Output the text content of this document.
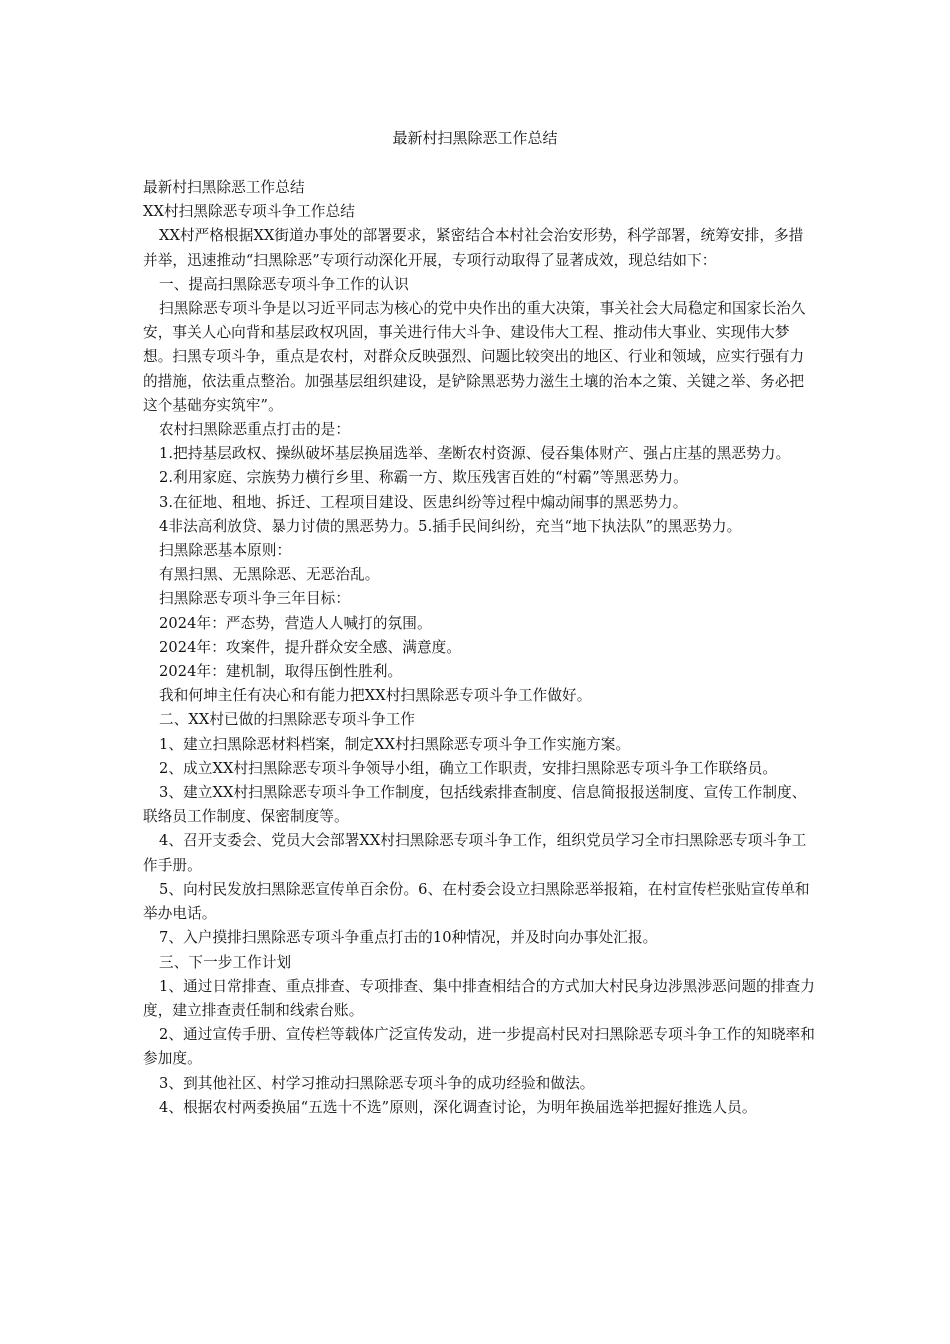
最新村扫黑除恶工作总结

最新村扫黑除恶工作总结

XX村扫黑除恶专项斗争工作总结

XX村严格根据XX街道办事处的部署要求，紧密结合本村社会治安形势，科学部署，统筹安排，多措并举，迅速推动“扫黑除恶”专项行动深化开展，专项行动取得了显著成效，现总结如下：

一、提高扫黑除恶专项斗争工作的认识

扫黑除恶专项斗争是以习近平同志为核心的党中央作出的重大决策，事关社会大局稳定和国家长治久安，事关人心向背和基层政权巩固，事关进行伟大斗争、建设伟大工程、推动伟大事业、实现伟大梦想。扫黑专项斗争，重点是农村，对群众反映强烈、问题比较突出的地区、行业和领域，应实行强有力的措施，依法重点整治。加强基层组织建设，是铲除黑恶势力滋生土壤的治本之策、关键之举、务必把这个基础夯实筑牢”。

农村扫黑除恶重点打击的是：

1.把持基层政权、操纵破坏基层换届选举、垄断农村资源、侵吞集体财产、强占庄基的黑恶势力。

2.利用家庭、宗族势力横行乡里、称霸一方、欺压残害百姓的“村霸”等黑恶势力。

3.在征地、租地、拆迁、工程项目建设、医患纠纷等过程中煽动闹事的黑恶势力。

4非法高利放贷、暴力讨债的黑恶势力。5.插手民间纠纷，充当“地下执法队”的黑恶势力。

扫黑除恶基本原则：

有黑扫黑、无黑除恶、无恶治乱。

扫黑除恶专项斗争三年目标：

2024年：严态势，营造人人喊打的氛围。

2024年：攻案件，提升群众安全感、满意度。

2024年：建机制，取得压倒性胜利。

我和何坤主任有决心和有能力把XX村扫黑除恶专项斗争工作做好。

二、XX村已做的扫黑除恶专项斗争工作

1、建立扫黑除恶材料档案，制定XX村扫黑除恶专项斗争工作实施方案。

2、成立XX村扫黑除恶专项斗争领导小组，确立工作职责，安排扫黑除恶专项斗争工作联络员。

3、建立XX村扫黑除恶专项斗争工作制度，包括线索排查制度、信息简报报送制度、宣传工作制度、联络员工作制度、保密制度等。

4、召开支委会、党员大会部署XX村扫黑除恶专项斗争工作，组织党员学习全市扫黑除恶专项斗争工作手册。

5、向村民发放扫黑除恶宣传单百余份。6、在村委会设立扫黑除恶举报箱，在村宣传栏张贴宣传单和举办电话。

7、入户摸排扫黑除恶专项斗争重点打击的10种情况，并及时向办事处汇报。

三、下一步工作计划

1、通过日常排查、重点排查、专项排查、集中排查相结合的方式加大村民身边涉黑涉恶问题的排查力度，建立排查责任制和线索台账。

2、通过宣传手册、宣传栏等载体广泛宣传发动，进一步提高村民对扫黑除恶专项斗争工作的知晓率和参加度。

3、到其他社区、村学习推动扫黑除恶专项斗争的成功经验和做法。

4、根据农村两委换届“五选十不选”原则，深化调查讨论，为明年换届选举把握好推选人员。
